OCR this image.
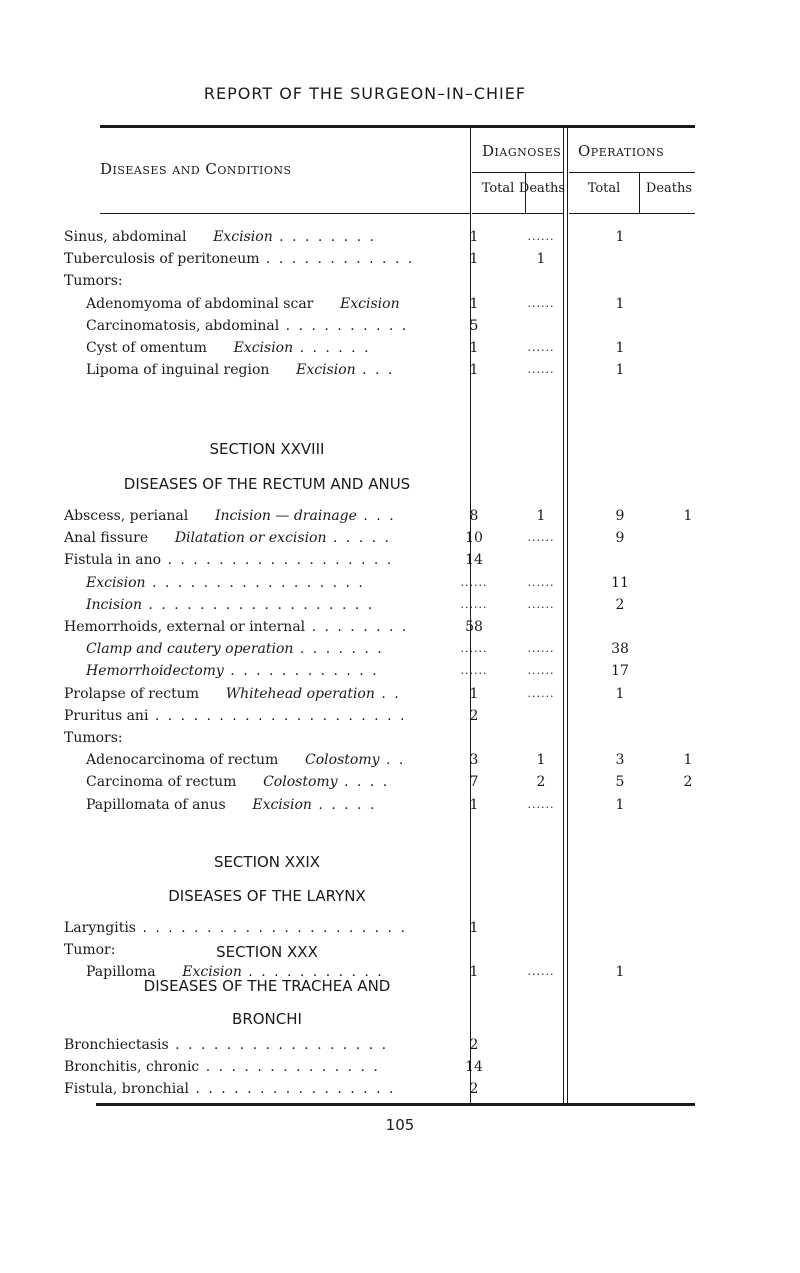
REPORT OF THE SURGEON–IN–CHIEF
Diseases and Conditions
Diagnoses Operations
Total Deaths	Total	Deaths
Sinus, abdominal Excision . . . . . . . .	1	......	1
Tuberculosis of peritoneum . . . . . . . . . . . .	1	1
Tumors:
Adenomyoma of abdominal scar Excision	1	......	1
Carcinomatosis, abdominal . . . . . . . . . .	5
Cyst of omentum Excision . . . . . .	1	......	1
Lipoma of inguinal region Excision . . .	1	......	1
SECTION XXVIII
DISEASES OF THE RECTUM AND ANUS
Abscess, perianal Incision — drainage . . .	8	1	9	1
Anal fissure Dilatation or excision . . . . .	10	......	9
Fistula in ano . . . . . . . . . . . . . . . . . .	14
Excision . . . . . . . . . . . . . . . . .	......	......	11
Incision . . . . . . . . . . . . . . . . . .	......	......	2
Hemorrhoids, external or internal . . . . . . . .	58
Clamp and cautery operation . . . . . . .	......	......	38
Hemorrhoidectomy . . . . . . . . . . . .	......	......	17
Prolapse of rectum Whitehead operation . .	1	......	1
Pruritus ani . . . . . . . . . . . . . . . . . . . .	2
Tumors:
Adenocarcinoma of rectum Colostomy . .	3	1	3	1
Carcinoma of rectum Colostomy . . . .	7	2	5	2
Papillomata of anus Excision . . . . .	1	......	1
SECTION XXIX
DISEASES OF THE LARYNX
Laryngitis . . . . . . . . . . . . . . . . . . . . .	1
Tumor:
Papilloma Excision . . . . . . . . . . .	1	......	1
SECTION XXX
DISEASES OF THE TRACHEA AND
BRONCHI
Bronchiectasis . . . . . . . . . . . . . . . . .	2
Bronchitis, chronic . . . . . . . . . . . . . .	14
Fistula, bronchial . . . . . . . . . . . . . . . .	2
105
